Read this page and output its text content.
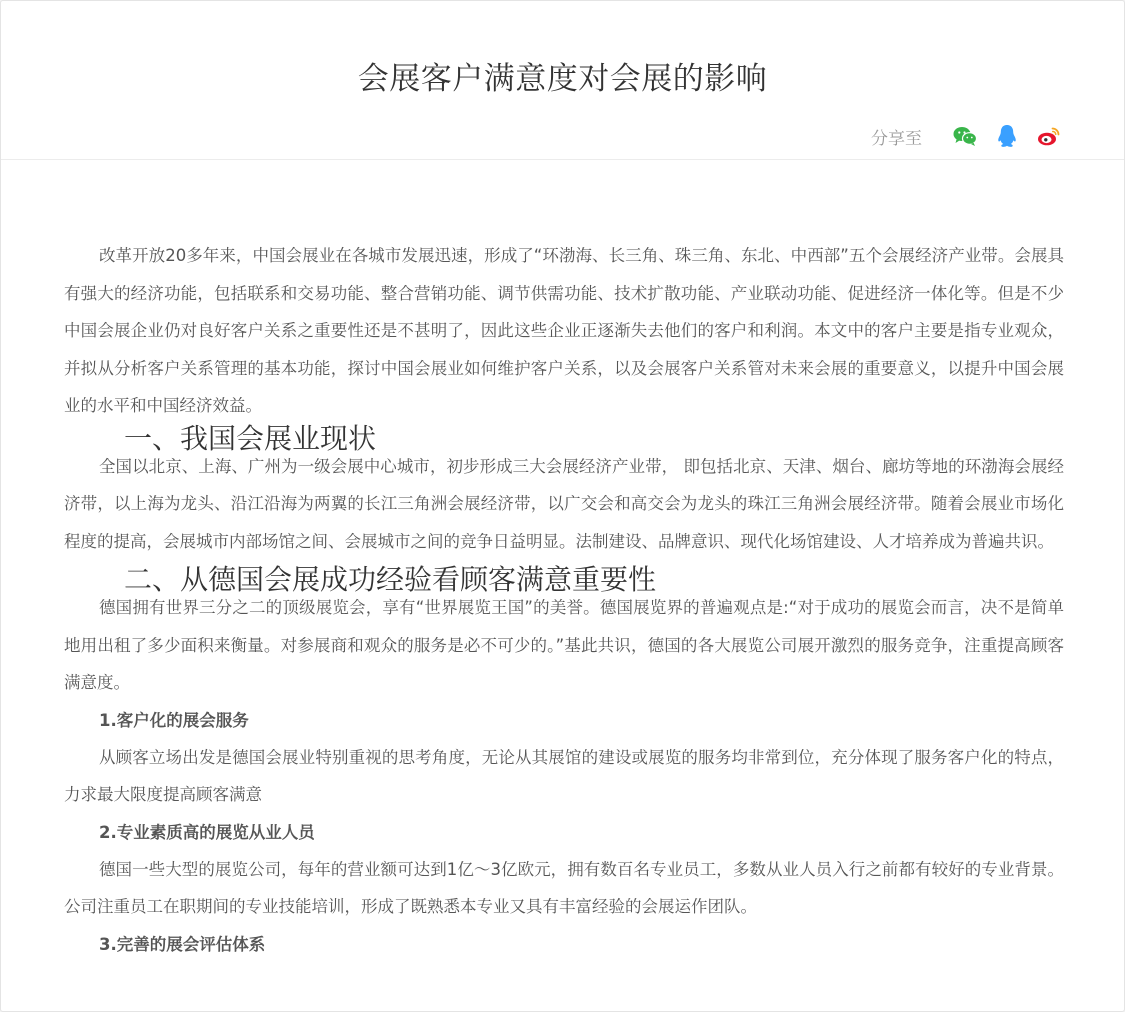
会展客户满意度对会展的影响
分享至

改革开放20多年来，中国会展业在各城市发展迅速，形成了“环渤海、长三角、珠三角、东北、中西部”五个会展经济产业带。会展具有强大的经济功能，包括联系和交易功能、整合营销功能、调节供需功能、技术扩散功能、产业联动功能、促进经济一体化等。但是不少中国会展企业仍对良好客户关系之重要性还是不甚明了，因此这些企业正逐渐失去他们的客户和利润。本文中的客户主要是指专业观众，并拟从分析客户关系管理的基本功能，探讨中国会展业如何维护客户关系，以及会展客户关系管对未来会展的重要意义，以提升中国会展业的水平和中国经济效益。

一、我国会展业现状

全国以北京、上海、广州为一级会展中心城市，初步形成三大会展经济产业带， 即包括北京、天津、烟台、廊坊等地的环渤海会展经济带，以上海为龙头、沿江沿海为两翼的长江三角洲会展经济带，以广交会和高交会为龙头的珠江三角洲会展经济带。随着会展业市场化程度的提高，会展城市内部场馆之间、会展城市之间的竞争日益明显。法制建设、品牌意识、现代化场馆建设、人才培养成为普遍共识。

二、从德国会展成功经验看顾客满意重要性

德国拥有世界三分之二的顶级展览会，享有“世界展览王国”的美誉。德国展览界的普遍观点是:“对于成功的展览会而言，决不是简单地用出租了多少面积来衡量。对参展商和观众的服务是必不可少的。”基此共识，德国的各大展览公司展开激烈的服务竞争，注重提高顾客满意度。

1.客户化的展会服务

从顾客立场出发是德国会展业特别重视的思考角度，无论从其展馆的建设或展览的服务均非常到位，充分体现了服务客户化的特点，力求最大限度提高顾客满意

2.专业素质高的展览从业人员

德国一些大型的展览公司，每年的营业额可达到1亿～3亿欧元，拥有数百名专业员工，多数从业人员入行之前都有较好的专业背景。公司注重员工在职期间的专业技能培训，形成了既熟悉本专业又具有丰富经验的会展运作团队。

3.完善的展会评估体系
